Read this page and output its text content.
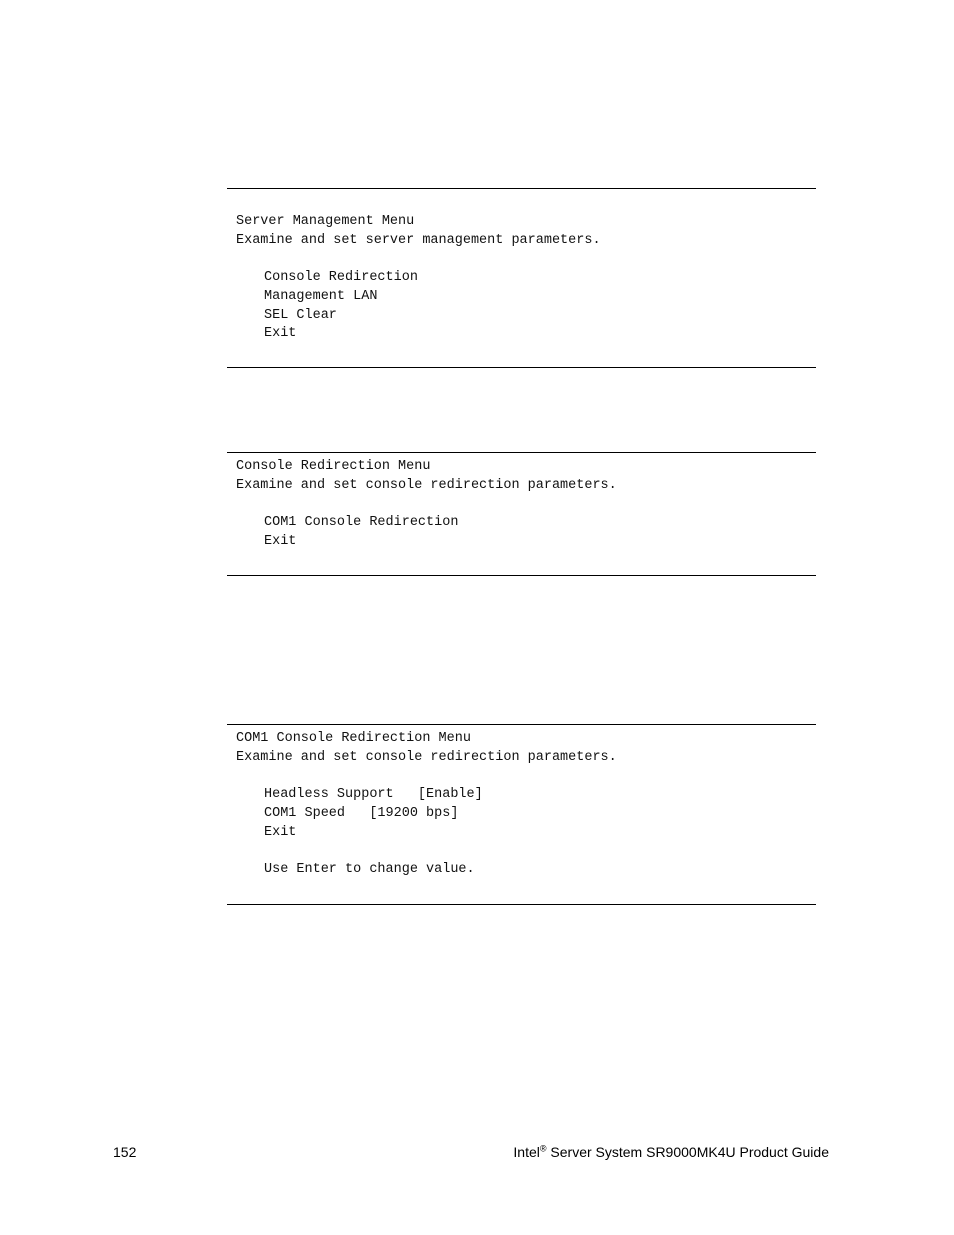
Server Management Menu
Examine and set server management parameters.
Console Redirection
Management LAN
SEL Clear
Exit
Console Redirection Menu
Examine and set console redirection parameters.
COM1 Console Redirection
Exit
COM1 Console Redirection Menu
Examine and set console redirection parameters.
Headless Support   [Enable]
COM1 Speed   [19200 bps]
Exit
Use Enter to change value.
152	Intel® Server System SR9000MK4U Product Guide
